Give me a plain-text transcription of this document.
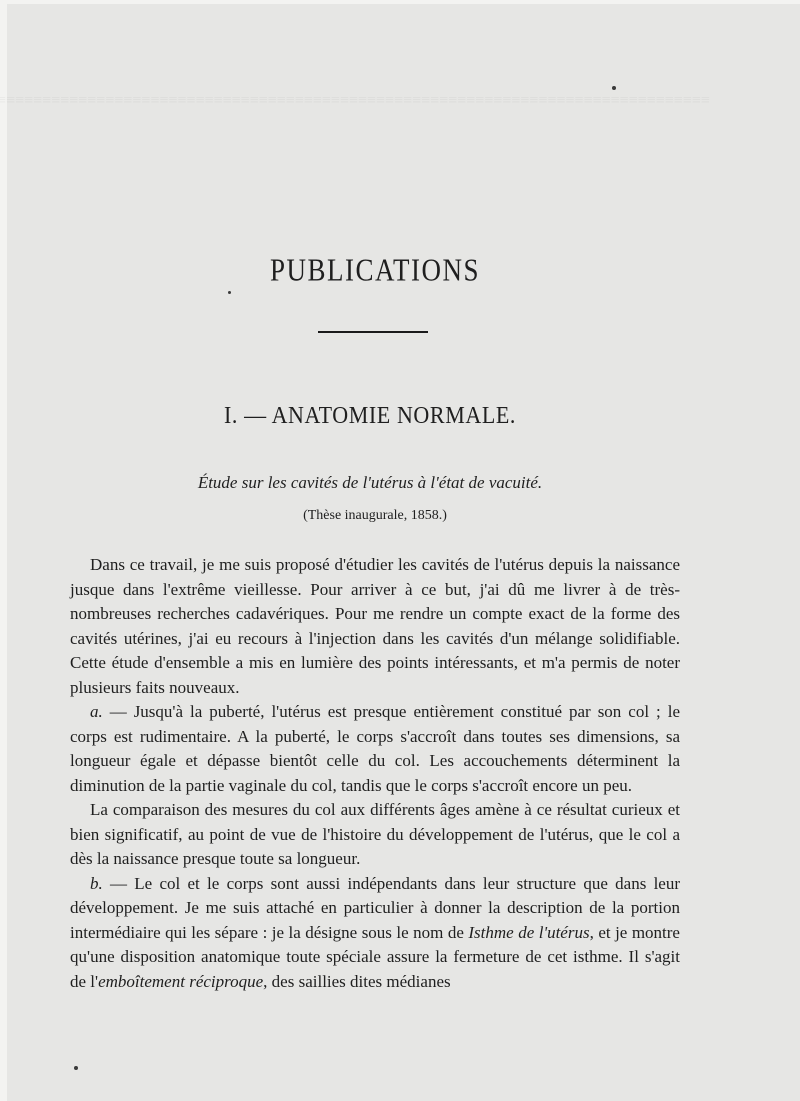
PUBLICATIONS
I. — ANATOMIE NORMALE.
Étude sur les cavités de l'utérus à l'état de vacuité.
(Thèse inaugurale, 1858.)

Dans ce travail, je me suis proposé d'étudier les cavités de l'utérus depuis la naissance jusque dans l'extrême vieillesse. Pour arriver à ce but, j'ai dû me livrer à de très-nombreuses recherches cadavériques. Pour me rendre un compte exact de la forme des cavités utérines, j'ai eu recours à l'injection dans les cavités d'un mélange solidifiable. Cette étude d'ensemble a mis en lumière des points intéressants, et m'a permis de noter plusieurs faits nouveaux.

a. — Jusqu'à la puberté, l'utérus est presque entièrement constitué par son col ; le corps est rudimentaire. A la puberté, le corps s'accroît dans toutes ses dimensions, sa longueur égale et dépasse bientôt celle du col. Les accouchements déterminent la diminution de la partie vaginale du col, tandis que le corps s'accroît encore un peu.

La comparaison des mesures du col aux différents âges amène à ce résultat curieux et bien significatif, au point de vue de l'histoire du développement de l'utérus, que le col a dès la naissance presque toute sa longueur.

b. — Le col et le corps sont aussi indépendants dans leur structure que dans leur développement. Je me suis attaché en particulier à donner la description de la portion intermédiaire qui les sépare : je la désigne sous le nom de Isthme de l'utérus, et je montre qu'une disposition anatomique toute spéciale assure la fermeture de cet isthme. Il s'agit de l'emboîtement réciproque, des saillies dites médianes
